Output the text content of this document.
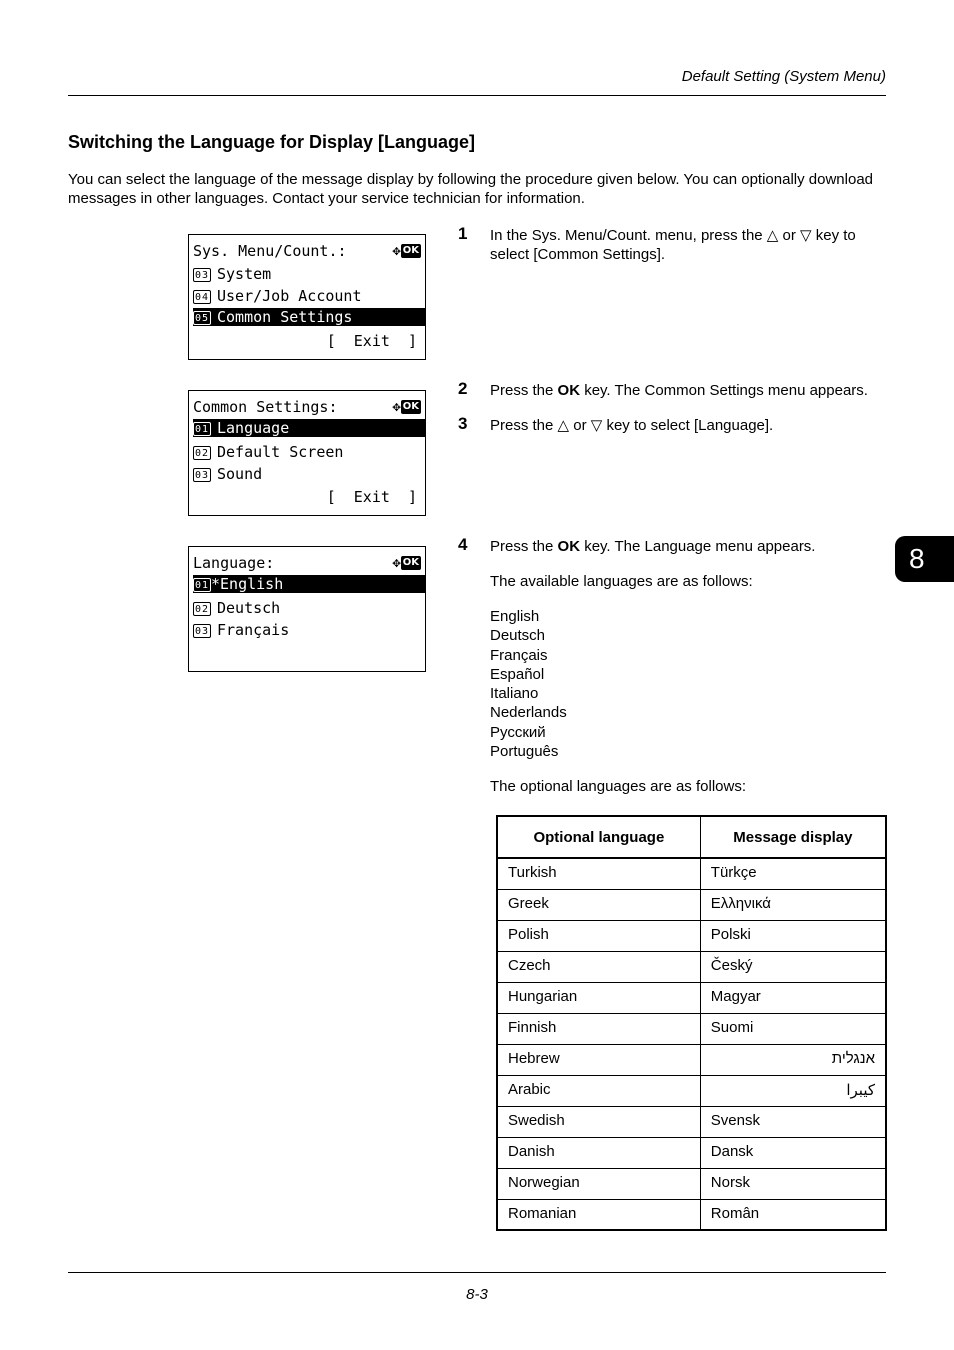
Default Setting (System Menu)
Switching the Language for Display [Language]
You can select the language of the message display by following the procedure given below. You can optionally download messages in other languages. Contact your service technician for information.
Sys. Menu/Count.:
	✥ OK
03 System
04 User/Job Account
05 Common Settings
[  Exit  ]
Common Settings:
	✥ OK
01 Language
02 Default Screen
03 Sound
[  Exit  ]
Language:
	✥ OK
01 *English
02 Deutsch
03 Français
1 In the Sys. Menu/Count. menu, press the △ or ▽ key to select [Common Settings].
2 Press the OK key. The Common Settings menu appears.
3 Press the △ or ▽ key to select [Language].
4 Press the OK key. The Language menu appears.
The available languages are as follows:
English
Deutsch
Français
Español
Italiano
Nederlands
Русский
Português
The optional languages are as follows:
8
Optional language	Message display
Turkish	Türkçe
Greek	Ελληνικά
Polish	Polski
Czech	Český
Hungarian	Magyar
Finnish	Suomi
Hebrew	אנגלית
Arabic	كيبرا
Swedish	Svensk
Danish	Dansk
Norwegian	Norsk
Romanian	Român
8-3
